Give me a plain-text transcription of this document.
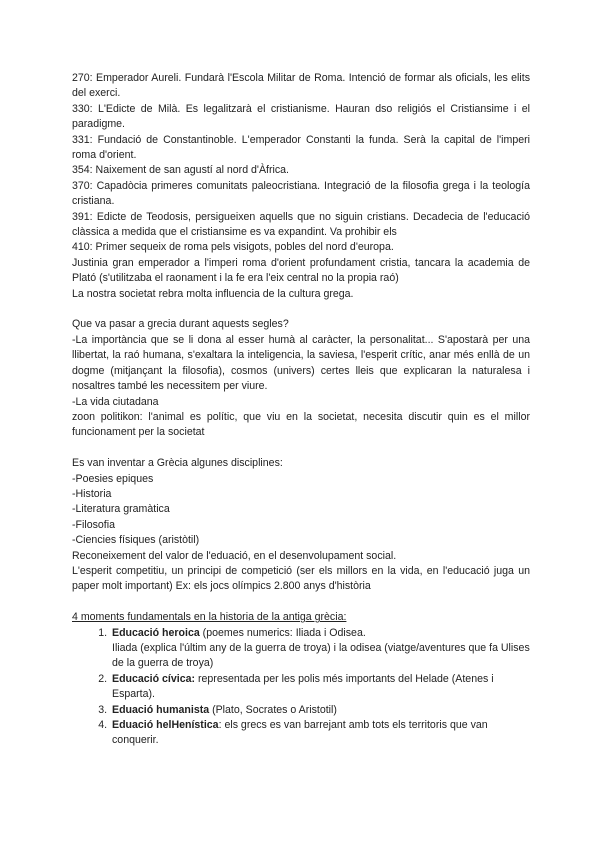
270: Emperador Aureli. Fundarà l'Escola Militar de Roma. Intenció de formar als oficials, les elits del exerci.

330: L'Edicte de Milà. Es legalitzarà el cristianisme. Hauran dso religiós el Cristiansime i el paradigme.

331: Fundació de Constantinoble. L'emperador Constanti la funda. Serà la capital de l'imperi roma d'orient.

354: Naixement de san agustí al nord d'Àfrica.

370: Capadòcia primeres comunitats paleocristiana. Integració de la filosofia grega i la teología cristiana.

391: Edicte de Teodosis, persigueixen aquells que no siguin cristians. Decadecia de l'educació clàssica a medida que el cristiansime es va expandint. Va prohibir els

410: Primer sequeix de roma pels visigots, pobles del nord d'europa.

Justinia gran emperador a l'imperi roma d'orient profundament cristia, tancara la academia de Plató (s'utilitzaba el raonament i la fe era l'eix central no la propia raó)

La nostra societat rebra molta influencia de la cultura grega.

Que va pasar a grecia durant aquests segles?

-La importància que se li dona al esser humà al caràcter, la personalitat... S'apostarà per una llibertat, la raó humana, s'exaltara la inteligencia, la saviesa, l'esperit crític, anar més enllà de un dogme (mitjançant la filosofia), cosmos (univers) certes lleis que explicaran la naturalesa i nosaltres també les necessitem per viure.

-La vida ciutadana

zoon politikon: l'animal es polític, que viu en la societat, necesita discutir quin es el millor funcionament per la societat

Es van inventar a Grècia algunes disciplines:

-Poesies epiques

-Historia

-Literatura gramàtica

-Filosofia

-Ciencies físiques (aristòtil)

Reconeixement del valor de l'eduació, en el desenvolupament social.

L'esperit competitiu, un principi de competició (ser els millors en la vida, en l'educació juga un paper molt important) Ex: els jocs olímpics 2.800 anys d'història

4 moments fundamentals en la historia de la antiga grècia:

1. Educació heroica (poemes numerics: Iliada i Odisea.
Iliada (explica l'últim any de la guerra de troya) i la odisea (viatge/aventures que fa Ulises de la guerra de troya)
2. Educació cívica: representada per les polis més importants del Helade (Atenes i Esparta).
3. Eduació humanista (Plato, Socrates o Aristotil)
4. Eduació helHenística: els grecs es van barrejant amb tots els territoris que van conquerir.
